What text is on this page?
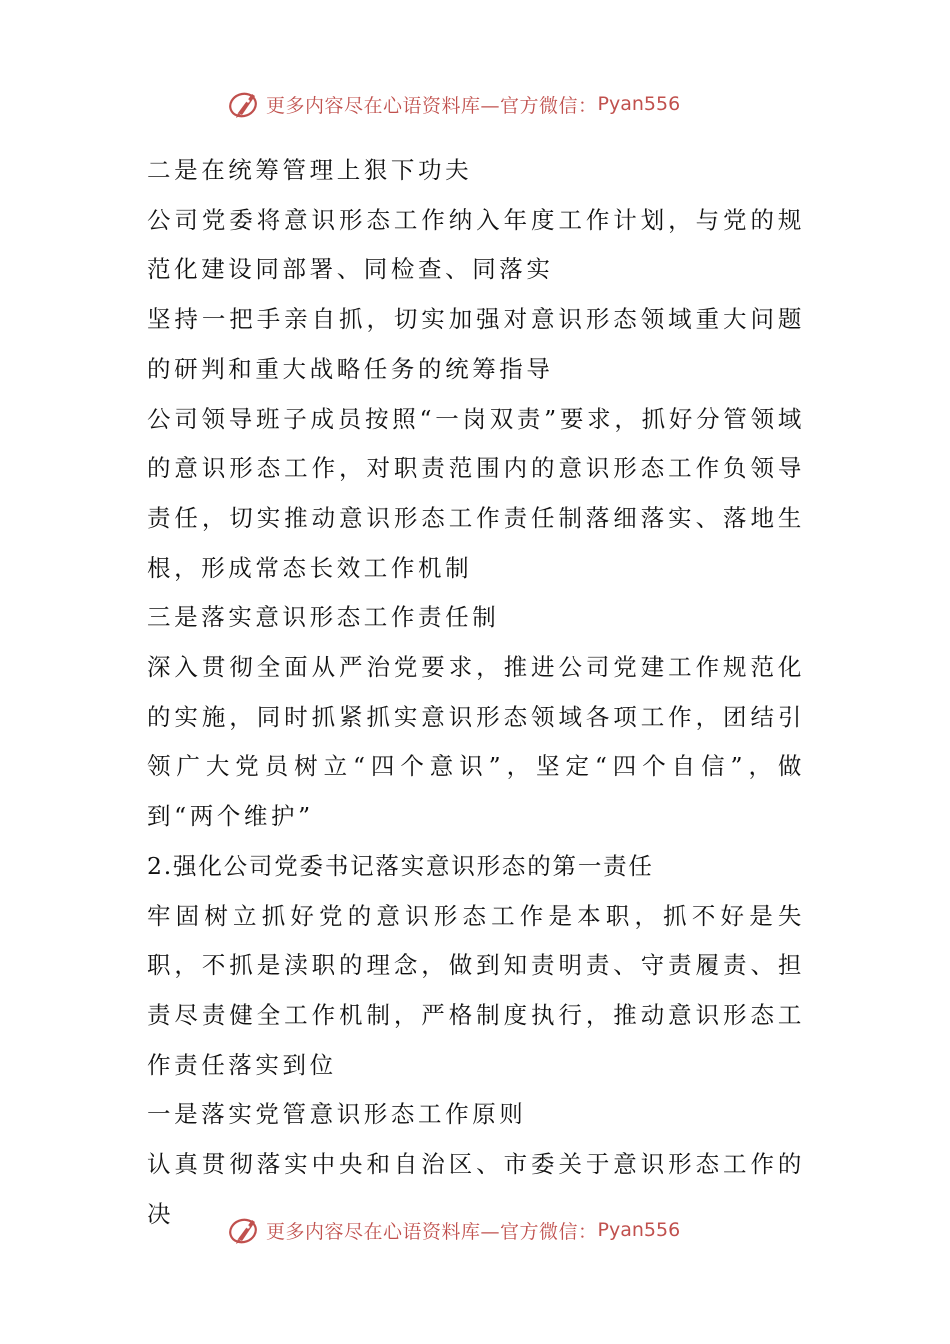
更多内容尽在心语资料库—官方微信： Pyan556

二是在统筹管理上狠下功夫

公司党委将意识形态工作纳入年度工作计划，与党的规范化建设同部署、同检查、同落实

坚持一把手亲自抓，切实加强对意识形态领域重大问题的研判和重大战略任务的统筹指导

公司领导班子成员按照“一岗双责”要求，抓好分管领域的意识形态工作，对职责范围内的意识形态工作负领导责任，切实推动意识形态工作责任制落细落实、落地生根，形成常态长效工作机制

三是落实意识形态工作责任制

深入贯彻全面从严治党要求，推进公司党建工作规范化的实施，同时抓紧抓实意识形态领域各项工作，团结引领广大党员树立“四个意识”，坚定“四个自信”，做到“两个维护”

2.强化公司党委书记落实意识形态的第一责任

牢固树立抓好党的意识形态工作是本职，抓不好是失职，不抓是渎职的理念，做到知责明责、守责履责、担责尽责健全工作机制，严格制度执行，推动意识形态工作责任落实到位

一是落实党管意识形态工作原则

认真贯彻落实中央和自治区、市委关于意识形态工作的决

更多内容尽在心语资料库—官方微信： Pyan556
